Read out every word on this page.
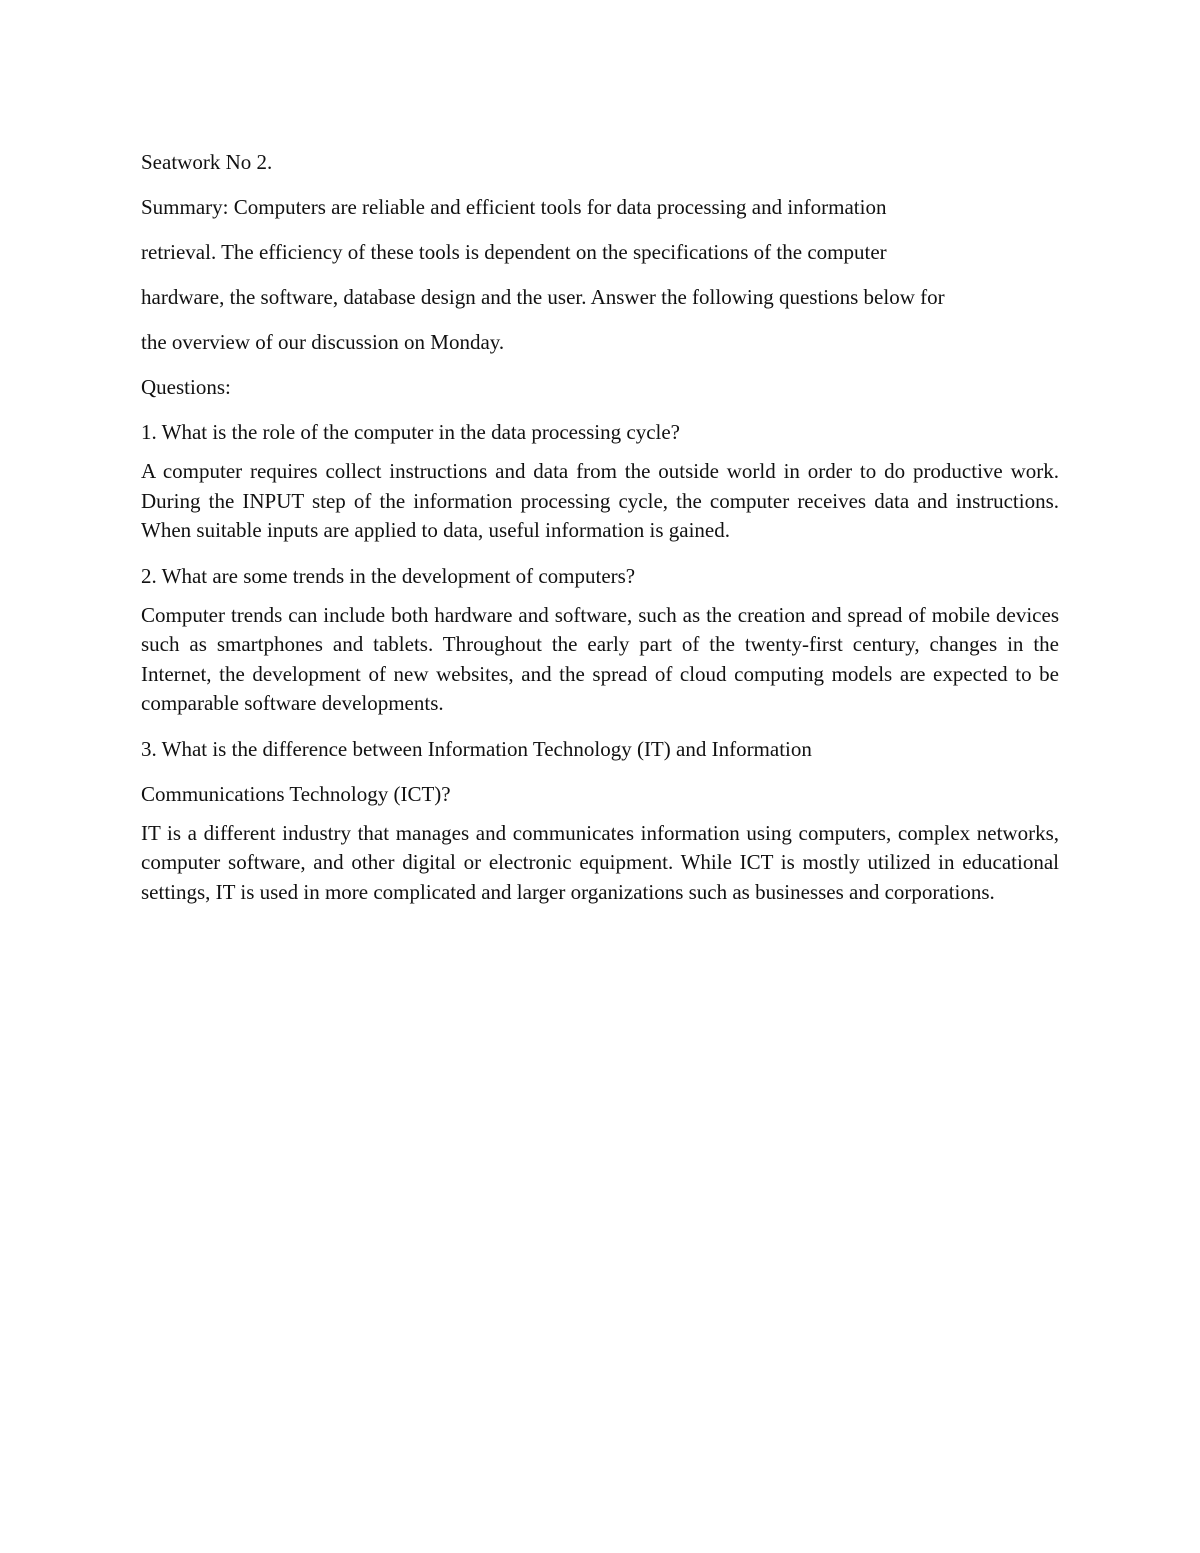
Seatwork No 2.

Summary: Computers are reliable and efficient tools for data processing and information

retrieval. The efficiency of these tools is dependent on the specifications of the computer

hardware, the software, database design and the user. Answer the following questions below for

the overview of our discussion on Monday.

Questions:

1. What is the role of the computer in the data processing cycle?

A computer requires collect instructions and data from the outside world in order to do productive work. During the INPUT step of the information processing cycle, the computer receives data and instructions. When suitable inputs are applied to data, useful information is gained.

2. What are some trends in the development of computers?

Computer trends can include both hardware and software, such as the creation and spread of mobile devices such as smartphones and tablets. Throughout the early part of the twenty-first century, changes in the Internet, the development of new websites, and the spread of cloud computing models are expected to be comparable software developments.

3. What is the difference between Information Technology (IT) and Information

Communications Technology (ICT)?

IT is a different industry that manages and communicates information using computers, complex networks, computer software, and other digital or electronic equipment. While ICT is mostly utilized in educational settings, IT is used in more complicated and larger organizations such as businesses and corporations.
